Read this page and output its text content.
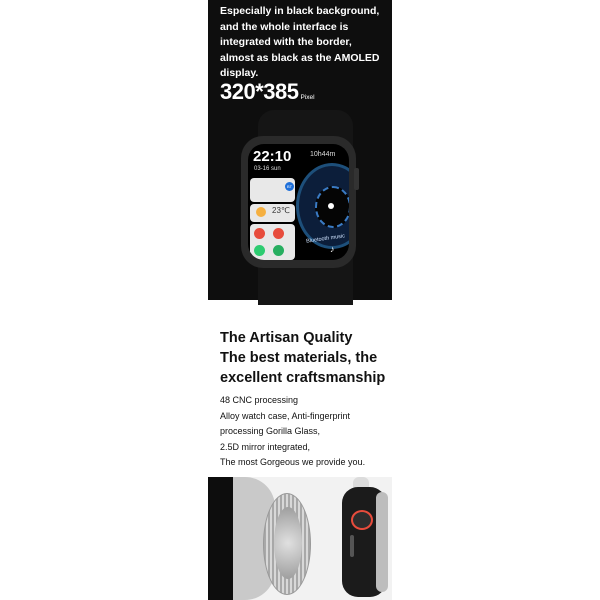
Especially in black background,
and the whole interface is
integrated with the border,
almost as black as the AMOLED
display.
320*385 Pixel
22:10
03-16 sun
10h44m
BT
23℃
Bluetooth music
♪
The Artisan Quality
The best materials, the
excellent craftsmanship
48 CNC processing
Alloy watch case, Anti-fingerprint
processing Gorilla Glass,
2.5D mirror integrated,
The most Gorgeous we provide you.
